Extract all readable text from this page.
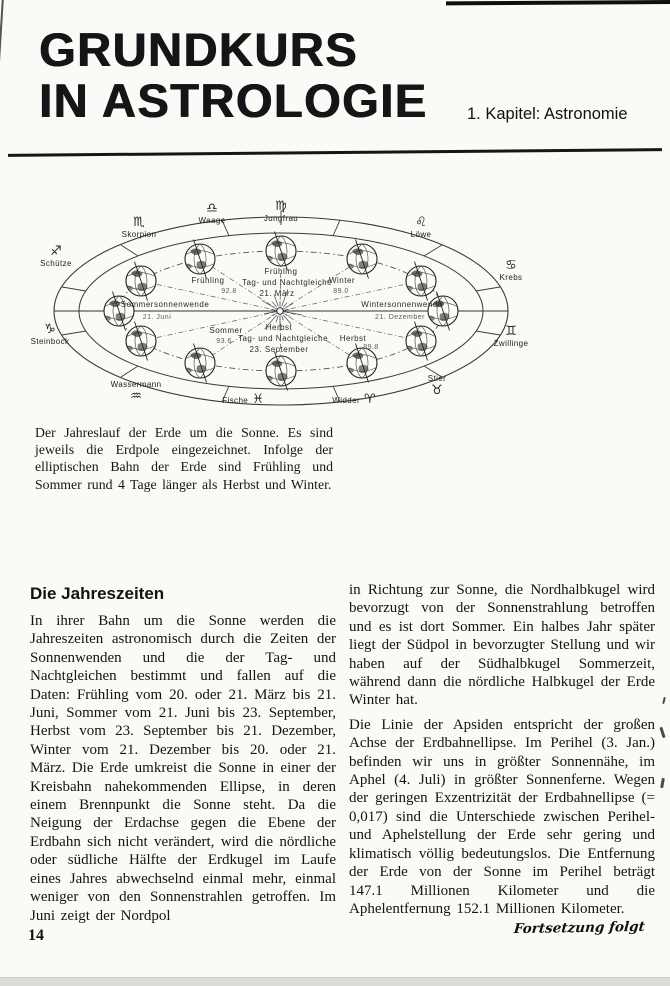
GRUNDKURS
IN ASTROLOGIE 1. Kapitel: Astronomie
♐
Schütze
♏
Skorpion
♎
Waage
♍
Jungfrau	♌
Löwe
♋
Krebs
♑
Steinbock
♒
Wassermann
Fische ♓	Widder ♈
♉
Stier
♊
Zwillinge
Frühling
92.8
Frühling
Tag- und Nachtgleiche
21. März
Winter
89.0
Sommersonnenwende
21. Juni
Wintersonnenwende
21. Dezember
Sommer
93.6
Herbst
Tag- und Nachtgleiche
23. September
Herbst
89.8
Der Jahreslauf der Erde um die Sonne. Es sind jeweils die Erdpole eingezeichnet. Infolge der elliptischen Bahn der Erde sind Frühling und Sommer rund 4 Tage länger als Herbst und Winter.
Die Jahreszeiten

In ihrer Bahn um die Sonne werden die Jahreszeiten astronomisch durch die Zeiten der Sonnenwenden und die der Tag- und Nachtgleichen bestimmt und fallen auf die Daten: Frühling vom 20. oder 21. März bis 21. Juni, Sommer vom 21. Juni bis 23. September, Herbst vom 23. September bis 21. Dezember, Winter vom 21. Dezember bis 20. oder 21. März. Die Erde umkreist die Sonne in einer der Kreisbahn nahekommenden Ellipse, in deren einem Brennpunkt die Sonne steht. Da die Neigung der Erdachse gegen die Ebene der Erdbahn sich nicht verändert, wird die nördliche oder südliche Hälfte der Erdkugel im Laufe eines Jahres abwechselnd einmal mehr, einmal weniger von den Sonnenstrahlen getroffen. Im Juni zeigt der Nordpol

in Richtung zur Sonne, die Nordhalbkugel wird bevorzugt von der Sonnenstrahlung betroffen und es ist dort Sommer. Ein halbes Jahr später liegt der Südpol in bevorzugter Stellung und wir haben auf der Südhalbkugel Sommerzeit, während dann die nördliche Halbkugel der Erde Winter hat.

Die Linie der Apsiden entspricht der großen Achse der Erdbahnellipse. Im Perihel (3. Jan.) befinden wir uns in größter Sonnennähe, im Aphel (4. Juli) in größter Sonnenferne. Wegen der geringen Exzentrizität der Erdbahnellipse (= 0,017) sind die Unterschiede zwischen Perihel- und Aphelstellung der Erde sehr gering und klimatisch völlig bedeutungslos. Die Entfernung der Erde von der Sonne im Perihel beträgt 147.1 Millionen Kilometer und die Aphelentfernung 152.1 Millionen Kilometer.

Fortsetzung folgt
14
